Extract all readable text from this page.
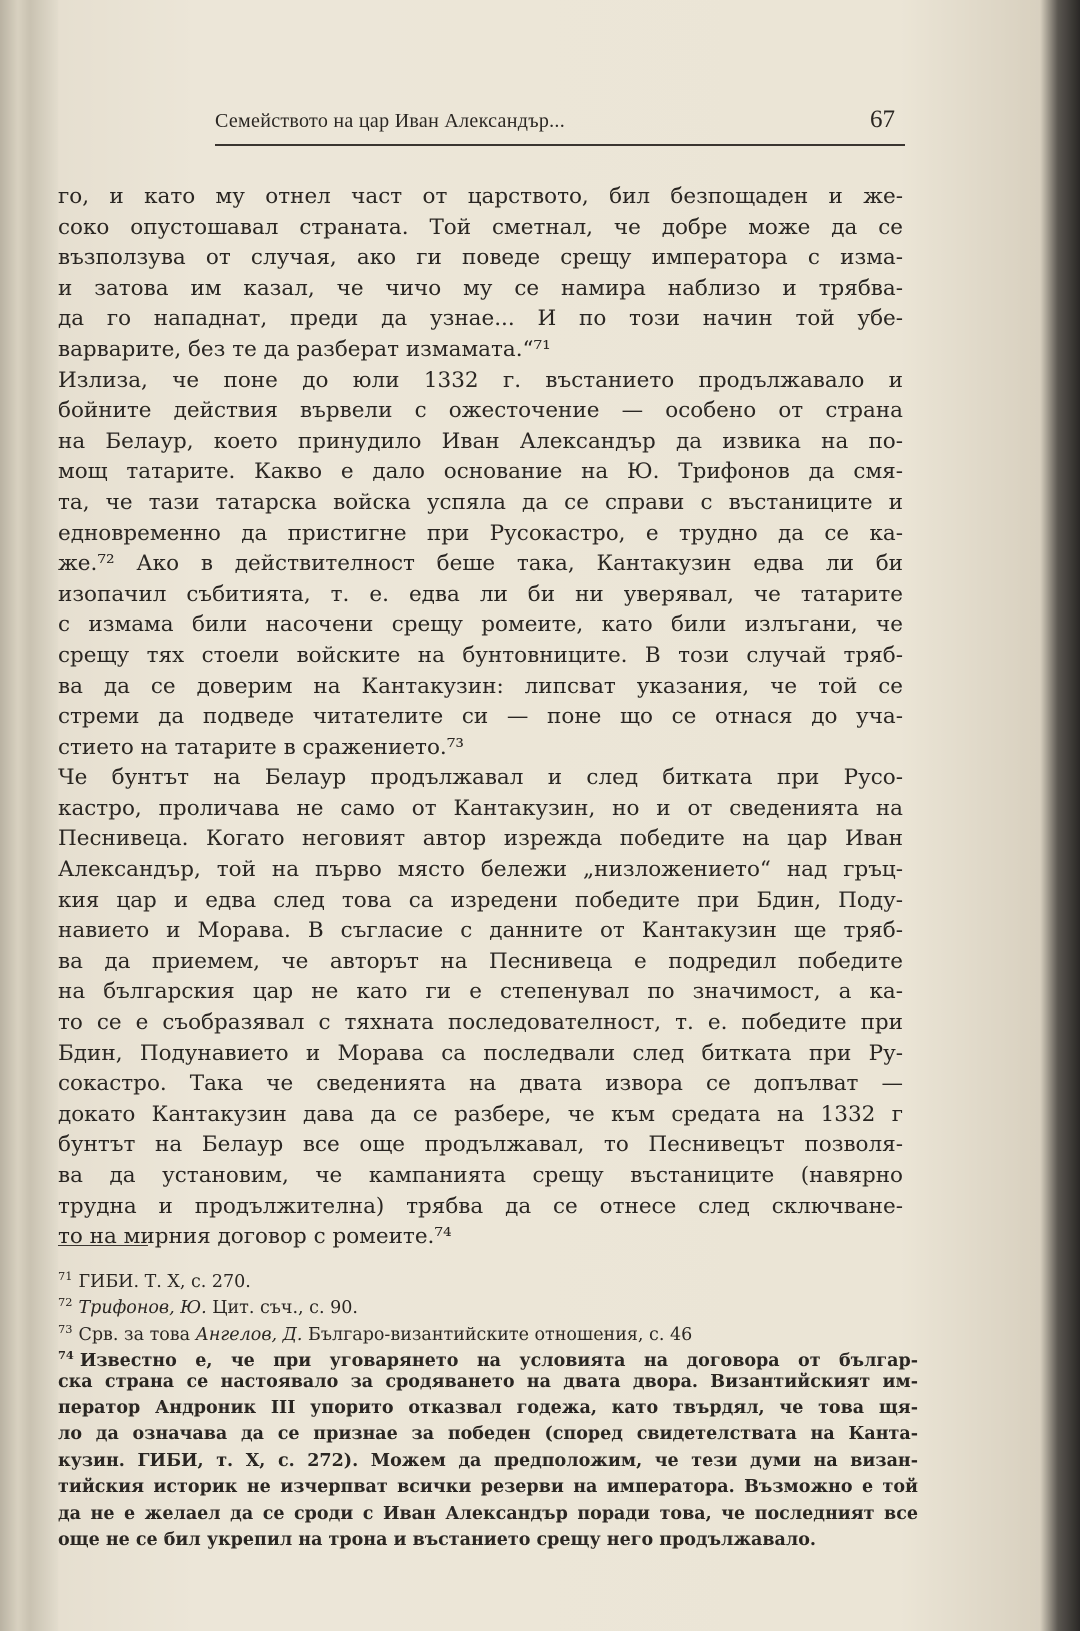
Семейството на цар Иван Александър...	67
го, и като му отнел част от царството, бил безпощаден и же-
соко опустошавал страната. Той сметнал, че добре може да се
възползува от случая, ако ги поведе срещу императора с изма-
и затова им казал, че чичо му се намира наблизо и трябва-
да го нападнат, преди да узнае... И по този начин той убе-
варварите, без те да разберат измамата.“⁷¹
Излиза, че поне до юли 1332 г. въстанието продължавало и
бойните действия вървели с ожесточение — особено от страна
на Белаур, което принудило Иван Александър да извика на по-
мощ татарите. Какво е дало основание на Ю. Трифонов да смя-
та, че тази татарска войска успяла да се справи с въстаниците и
едновременно да пристигне при Русокастро, е трудно да се ка-
же.⁷² Ако в действителност беше така, Кантакузин едва ли би
изопачил събитията, т. е. едва ли би ни уверявал, че татарите
с измама били насочени срещу ромеите, като били излъгани, че
срещу тях стоели войските на бунтовниците. В този случай тряб-
ва да се доверим на Кантакузин: липсват указания, че той се
стреми да подведе читателите си — поне що се отнася до уча-
стието на татарите в сражението.⁷³
Че бунтът на Белаур продължавал и след битката при Русо-
кастро, проличава не само от Кантакузин, но и от сведенията на
Песнивеца. Когато неговият автор изрежда победите на цар Иван
Александър, той на първо място бележи „низложението“ над гръц-
кия цар и едва след това са изредени победите при Бдин, Поду-
навието и Морава. В съгласие с данните от Кантакузин ще тряб-
ва да приемем, че авторът на Песнивеца е подредил победите
на българския цар не като ги е степенувал по значимост, а ка-
то се е съобразявал с тяхната последователност, т. е. победите при
Бдин, Подунавието и Морава са последвали след битката при Ру-
сокастро. Така че сведенията на двата извора се допълват —
докато Кантакузин дава да се разбере, че към средата на 1332 г
бунтът на Белаур все още продължавал, то Песнивецът позволя-
ва да установим, че кампанията срещу въстаниците (навярно
трудна и продължителна) трябва да се отнесе след сключване-
то на мирния договор с ромеите.⁷⁴
$^{71}$ ГИБИ. Т. X, с. 270.
$^{72}$ Трифонов, Ю. Цит. съч., с. 90.
$^{73}$ Срв. за това Ангелов, Д. Българо-византийските отношения, с. 46
$^{74}$ Известно е, че при уговарянето на условията на договора от българ-
ска страна се настоявало за сродяването на двата двора. Византийският им-
ператор Андроник III упорито отказвал годежа, като твърдял, че това щя-
ло да означава да се признае за победен (според свидетелствата на Канта-
кузин. ГИБИ, т. X, с. 272). Можем да предположим, че тези думи на визан-
тийския историк не изчерпват всички резерви на императора. Възможно е той
да не е желаел да се сроди с Иван Александър поради това, че последният все
още не се бил укрепил на трона и въстанието срещу него продължавало.
